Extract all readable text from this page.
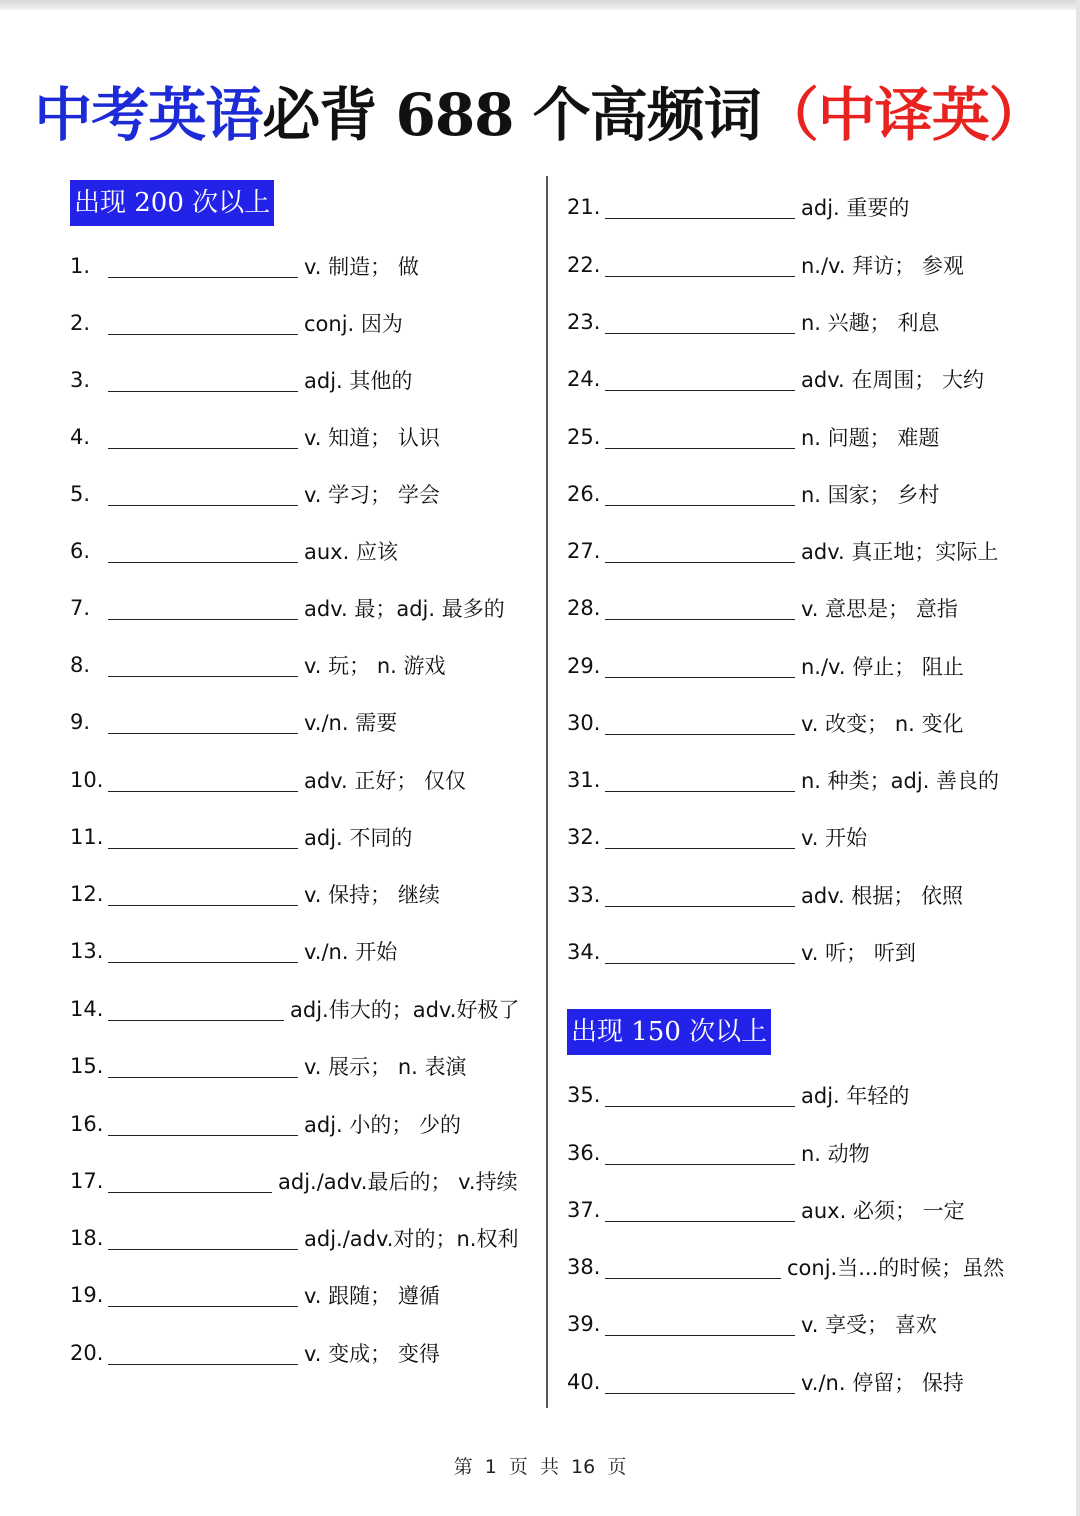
中考英语必背 688 个高频词（中译英）
出现 200 次以上
出现 150 次以上
1.	v. 制造； 做
2.	conj. 因为
3.	adj. 其他的
4.	v. 知道； 认识
5.	v. 学习； 学会
6.	aux. 应该
7.	adv. 最；adj. 最多的
8.	v. 玩； n. 游戏
9.	v./n. 需要
10.	adv. 正好； 仅仅
11.	adj. 不同的
12.	v. 保持； 继续
13.	v./n. 开始
14.	adj.伟大的；adv.好极了
15.	v. 展示； n. 表演
16.	adj. 小的； 少的
17.	adj./adv.最后的； v.持续
18.	adj./adv.对的；n.权利
19.	v. 跟随； 遵循
20.	v. 变成； 变得
21.	adj. 重要的
22.	n./v. 拜访； 参观
23.	n. 兴趣； 利息
24.	adv. 在周围； 大约
25.	n. 问题； 难题
26.	n. 国家； 乡村
27.	adv. 真正地；实际上
28.	v. 意思是； 意指
29.	n./v. 停止； 阻止
30.	v. 改变； n. 变化
31.	n. 种类；adj. 善良的
32.	v. 开始
33.	adv. 根据； 依照
34.	v. 听； 听到
35.	adj. 年轻的
36.	n. 动物
37.	aux. 必须； 一定
38.	conj.当...的时候；虽然
39.	v. 享受； 喜欢
40.	v./n. 停留； 保持
第  1  页  共  16  页
